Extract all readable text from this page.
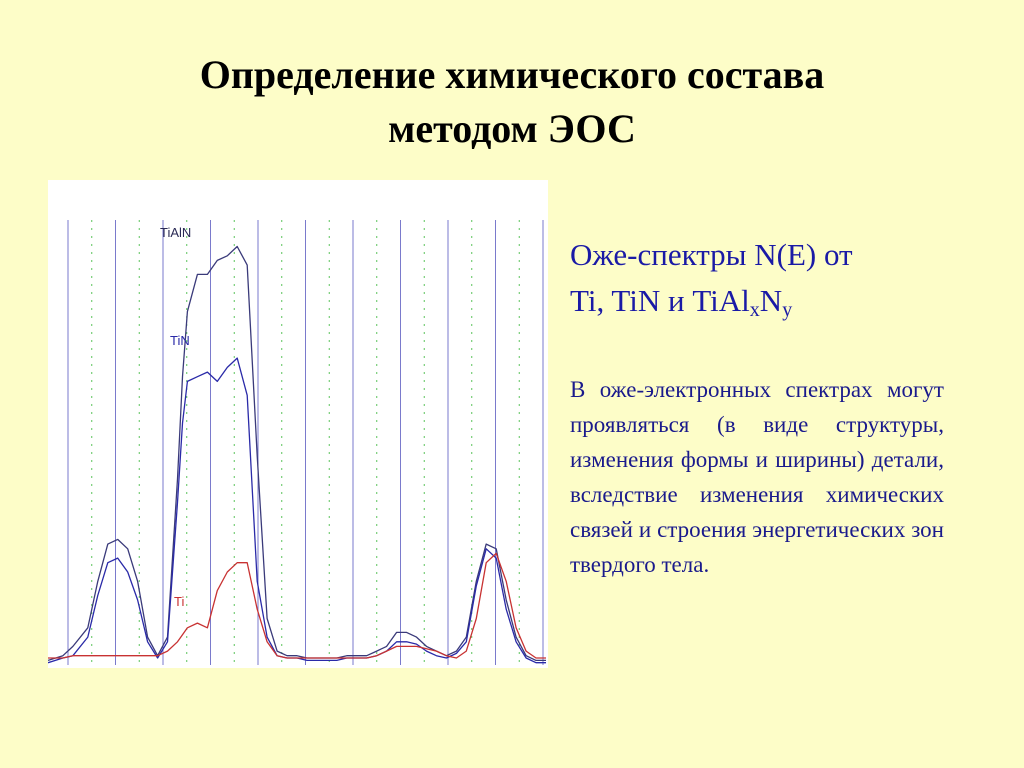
Определение химического состава
методом ЭОС
TiAlN
TiN
Ti
Оже-спектры N(E) от
Ti, TiN и $TiAl_xN_y$
В оже-электронных спектрах могут проявляться (в виде структуры, изменения формы и ширины) детали, вследствие изменения химических связей и строения энергетических зон твердого тела.
